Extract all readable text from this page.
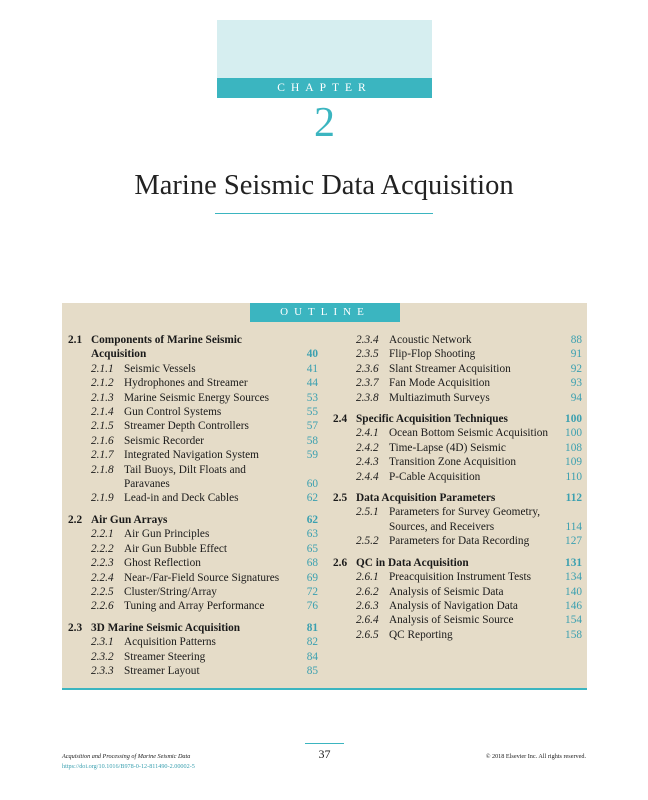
CHAPTER
2
Marine Seismic Data Acquisition
OUTLINE
2.1 Components of Marine Seismic Acquisition	40
2.1.1 Seismic Vessels	41
2.1.2 Hydrophones and Streamer	44
2.1.3 Marine Seismic Energy Sources	53
2.1.4 Gun Control Systems	55
2.1.5 Streamer Depth Controllers	57
2.1.6 Seismic Recorder	58
2.1.7 Integrated Navigation System	59
2.1.8 Tail Buoys, Dilt Floats and Paravanes	60
2.1.9 Lead-in and Deck Cables	62
2.2 Air Gun Arrays	62
2.2.1 Air Gun Principles	63
2.2.2 Air Gun Bubble Effect	65
2.2.3 Ghost Reflection	68
2.2.4 Near-/Far-Field Source Signatures	69
2.2.5 Cluster/String/Array	72
2.2.6 Tuning and Array Performance	76
2.3 3D Marine Seismic Acquisition	81
2.3.1 Acquisition Patterns	82
2.3.2 Streamer Steering	84
2.3.3 Streamer Layout	85
2.3.4 Acoustic Network	88
2.3.5 Flip-Flop Shooting	91
2.3.6 Slant Streamer Acquisition	92
2.3.7 Fan Mode Acquisition	93
2.3.8 Multiazimuth Surveys	94
2.4 Specific Acquisition Techniques	100
2.4.1 Ocean Bottom Seismic Acquisition	100
2.4.2 Time-Lapse (4D) Seismic	108
2.4.3 Transition Zone Acquisition	109
2.4.4 P-Cable Acquisition	110
2.5 Data Acquisition Parameters	112
2.5.1 Parameters for Survey Geometry, Sources, and Receivers	114
2.5.2 Parameters for Data Recording	127
2.6 QC in Data Acquisition	131
2.6.1 Preacquisition Instrument Tests	134
2.6.2 Analysis of Seismic Data	140
2.6.3 Analysis of Navigation Data	146
2.6.4 Analysis of Seismic Source	154
2.6.5 QC Reporting	158
37
Acquisition and Processing of Marine Seismic Data
https://doi.org/10.1016/B978-0-12-811490-2.00002-5
© 2018 Elsevier Inc. All rights reserved.
